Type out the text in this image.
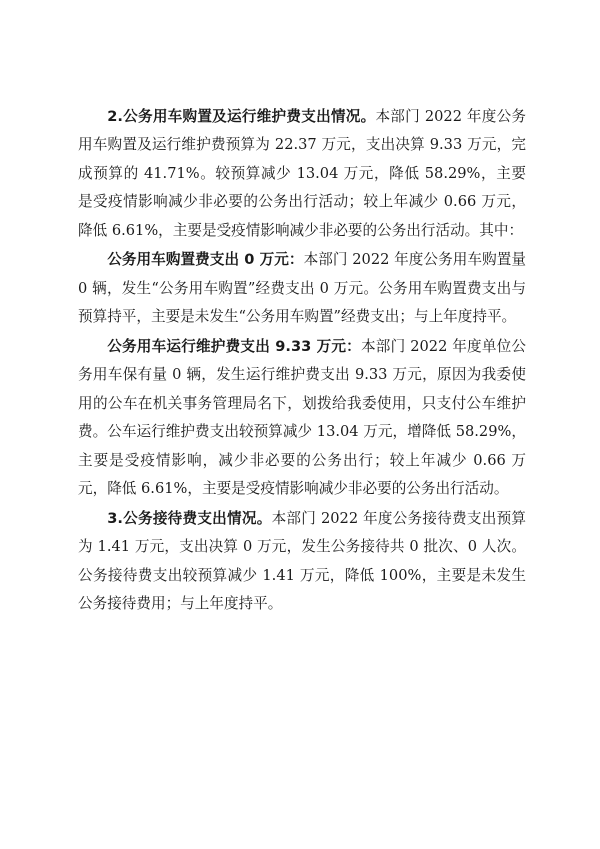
2.公务用车购置及运行维护费支出情况。本部门 2022 年度公务用车购置及运行维护费预算为 22.37 万元，支出决算 9.33 万元，完成预算的 41.71%。较预算减少 13.04 万元，降低 58.29%，主要是受疫情影响减少非必要的公务出行活动；较上年减少 0.66 万元，降低 6.61%，主要是受疫情影响减少非必要的公务出行活动。其中：

公务用车购置费支出 0 万元：本部门 2022 年度公务用车购置量 0 辆，发生“公务用车购置”经费支出 0 万元。公务用车购置费支出与预算持平，主要是未发生“公务用车购置”经费支出；与上年度持平。

公务用车运行维护费支出 9.33 万元：本部门 2022 年度单位公务用车保有量 0 辆，发生运行维护费支出 9.33 万元，原因为我委使用的公车在机关事务管理局名下，划拨给我委使用，只支付公车维护费。公车运行维护费支出较预算减少 13.04 万元，增降低 58.29%，主要是受疫情影响，减少非必要的公务出行；较上年减少 0.66 万元，降低 6.61%，主要是受疫情影响减少非必要的公务出行活动。

3.公务接待费支出情况。本部门 2022 年度公务接待费支出预算为 1.41 万元，支出决算 0 万元，发生公务接待共 0 批次、0 人次。公务接待费支出较预算减少 1.41 万元，降低 100%，主要是未发生公务接待费用；与上年度持平。
